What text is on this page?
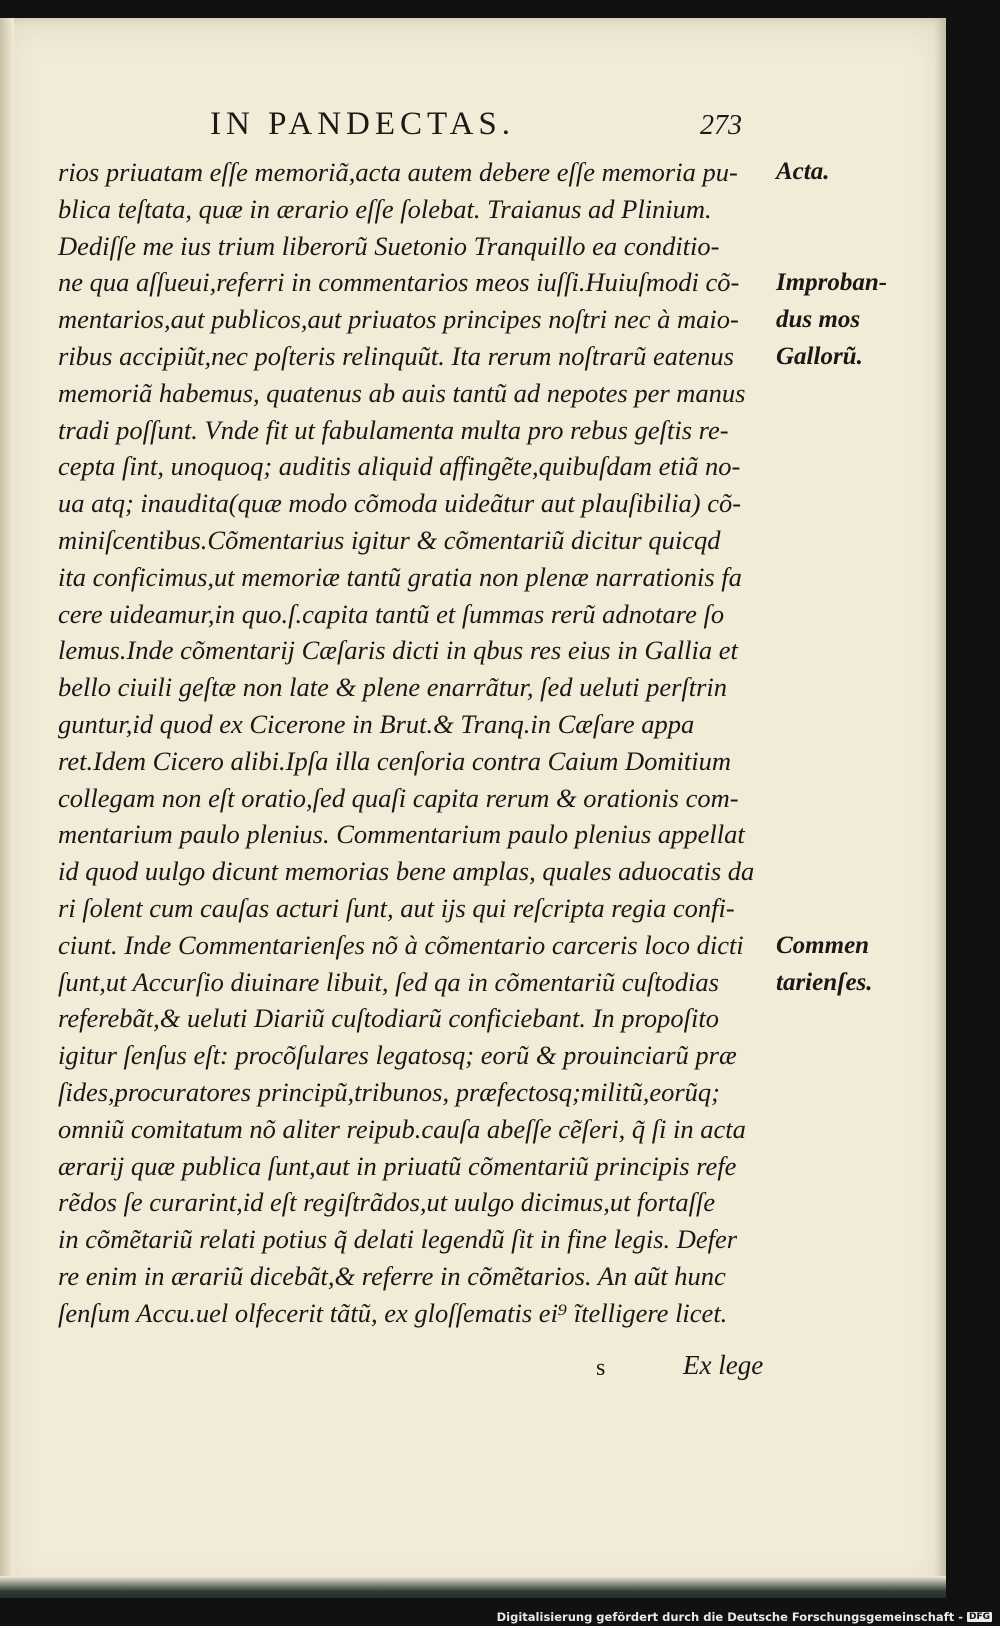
IN PANDECTAS.	273
rios priuatam eſſe memoriã,acta autem debere eſſe memoria pu-
blica teſtata, quæ in ærario eſſe ſolebat. Traianus ad Plinium.
Dediſſe me ius trium liberorũ Suetonio Tranquillo ea conditio-
ne qua aſſueui,referri in commentarios meos iuſſi.Huiuſmodi cõ-
mentarios,aut publicos,aut priuatos principes noſtri nec à maio-
ribus accipiũt,nec poſteris relinquũt. Ita rerum noſtrarũ eatenus
memoriã habemus, quatenus ab auis tantũ ad nepotes per manus
tradi poſſunt. Vnde fit ut fabulamenta multa pro rebus geſtis re-
cepta ſint, unoquoq; auditis aliquid affingẽte,quibuſdam etiã no-
ua atq; inaudita(quæ modo cõmoda uideãtur aut plauſibilia) cõ-
miniſcentibus.Cõmentarius igitur & cõmentariũ dicitur quicqd
ita conficimus,ut memoriæ tantũ gratia non plenæ narrationis fa
cere uideamur,in quo.ſ.capita tantũ et ſummas rerũ adnotare ſo
lemus.Inde cõmentarij Cæſaris dicti in qbus res eius in Gallia et
bello ciuili geſtæ non late & plene enarrãtur, ſed ueluti perſtrin
guntur,id quod ex Cicerone in Brut.& Tranq.in Cæſare appa
ret.Idem Cicero alibi.Ipſa illa cenſoria contra Caium Domitium
collegam non eſt oratio,ſed quaſi capita rerum & orationis com-
mentarium paulo plenius. Commentarium paulo plenius appellat
id quod uulgo dicunt memorias bene amplas, quales aduocatis da
ri ſolent cum cauſas acturi ſunt, aut ijs qui reſcripta regia confi-
ciunt. Inde Commentarienſes nõ à cõmentario carceris loco dicti
ſunt,ut Accurſio diuinare libuit, ſed qa in cõmentariũ cuſtodias
referebãt,& ueluti Diariũ cuſtodiarũ conficiebant. In propoſito
igitur ſenſus eſt: procõſulares legatosq; eorũ & prouinciarũ præ
ſides,procuratores principũ,tribunos, præfectosq;militũ,eorũq;
omniũ comitatum nõ aliter reipub.cauſa abeſſe cẽſeri, q̃ ſi in acta
ærarij quæ publica ſunt,aut in priuatũ cõmentariũ principis refe
rẽdos ſe curarint,id eſt regiſtrãdos,ut uulgo dicimus,ut fortaſſe
in cõmẽtariũ relati potius q̃ delati legendũ ſit in fine legis. Defer
re enim in ærariũ dicebãt,& referre in cõmẽtarios. An aũt hunc
ſenſum Accu.uel olfecerit tãtũ, ex gloſſematis ei⁹ ĩtelligere licet.
s	Ex lege
Acta.
Improban-
dus mos
Gallorũ.
Commen
tarienſes.
Digitalisierung gefördert durch die Deutsche Forschungsgemeinschaft - DFG
